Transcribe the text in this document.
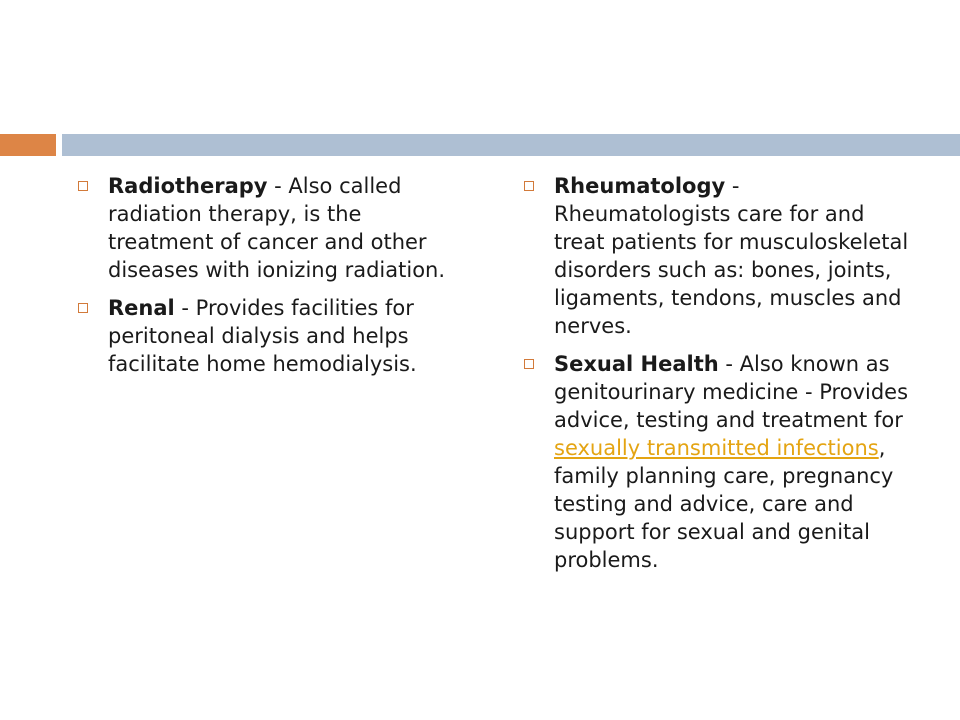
Radiotherapy - Also called radiation therapy, is the treatment of cancer and other diseases with ionizing radiation.
Renal - Provides facilities for peritoneal dialysis and helps facilitate home hemodialysis.
Rheumatology - Rheumatologists care for and treat patients for musculoskeletal disorders such as: bones, joints, ligaments, tendons, muscles and nerves.
Sexual Health - Also known as genitourinary medicine - Provides advice, testing and treatment for sexually transmitted infections, family planning care, pregnancy testing and advice, care and support for sexual and genital problems.
